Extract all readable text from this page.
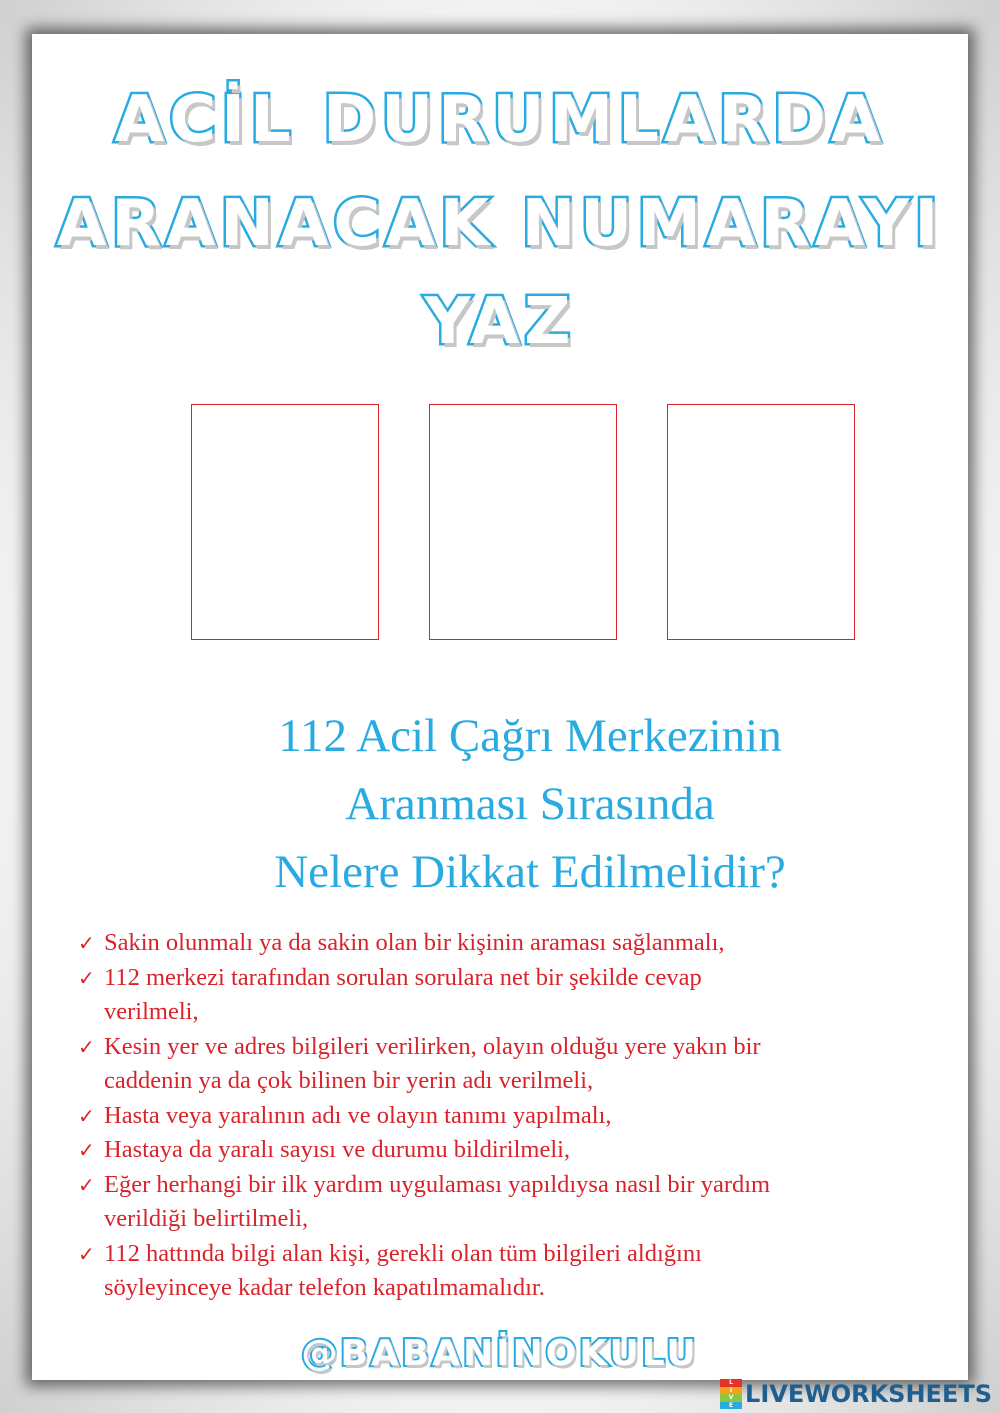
ACİL DURUMLARDA
ARANACAK NUMARAYI
YAZ
112 Acil Çağrı Merkezinin
Aranması Sırasında
Nelere Dikkat Edilmelidir?
✓ Sakin olunmalı ya da sakin olan bir kişinin araması sağlanmalı,
✓ 112 merkezi tarafından sorulan sorulara net bir şekilde cevap
verilmeli,
✓ Kesin yer ve adres bilgileri verilirken, olayın olduğu yere yakın bir
caddenin ya da çok bilinen bir yerin adı verilmeli,
✓ Hasta veya yaralının adı ve olayın tanımı yapılmalı,
✓ Hastaya da yaralı sayısı ve durumu bildirilmeli,
✓ Eğer herhangi bir ilk yardım uygulaması yapıldıysa nasıl bir yardım
verildiği belirtilmeli,
✓ 112 hattında bilgi alan kişi, gerekli olan tüm bilgileri aldığını
söyleyinceye kadar telefon kapatılmamalıdır.
@BABANİNOKULU
L
I
V
E LIVEWORKSHEETS
